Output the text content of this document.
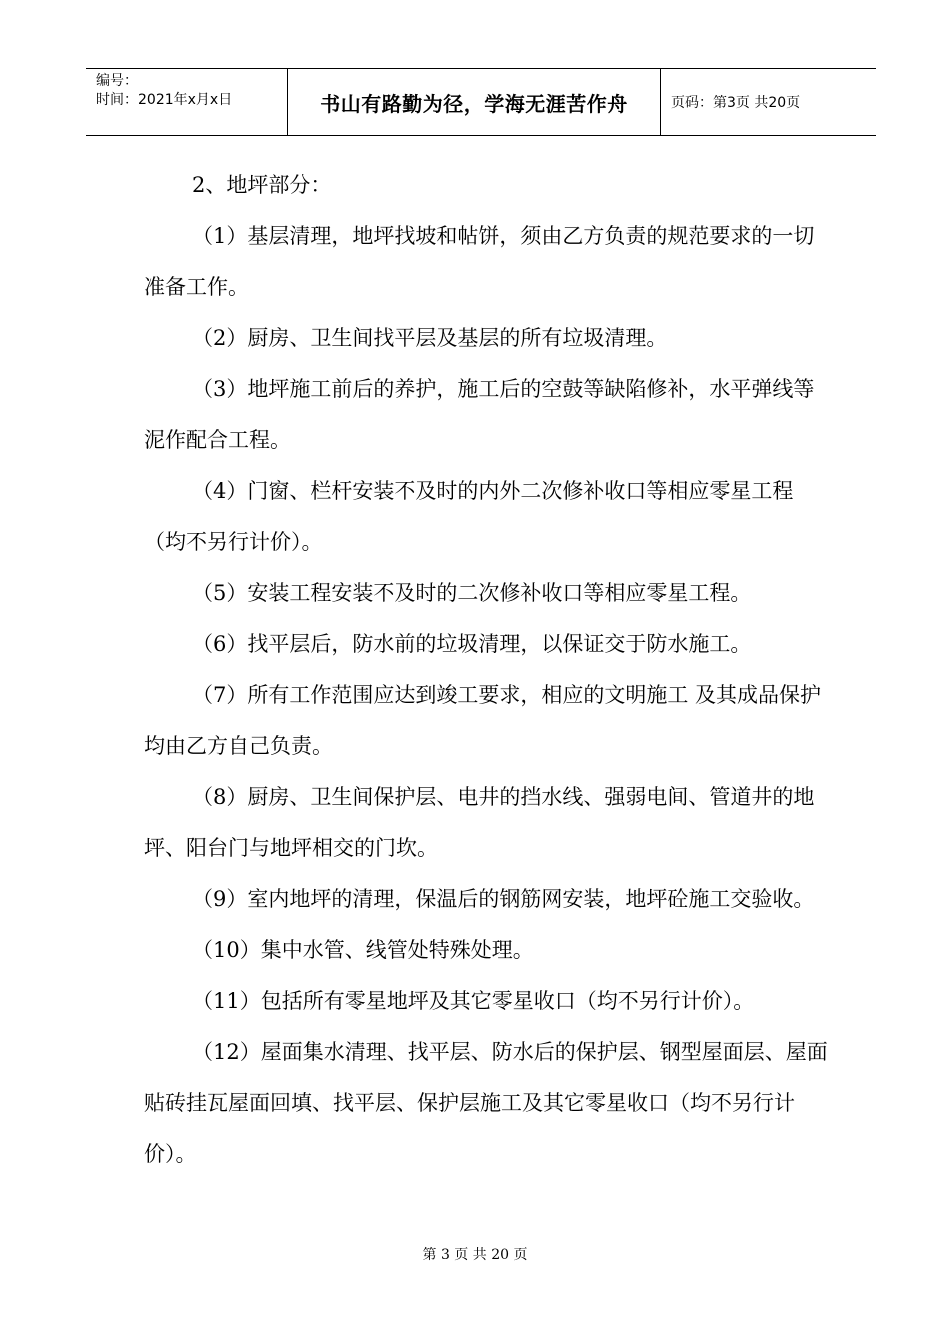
编号：
时间：2021年x月x日	书山有路勤为径，学海无涯苦作舟	页码：第3页 共20页

2、地坪部分：

（1）基层清理，地坪找坡和帖饼，须由乙方负责的规范要求的一切准备工作。

（2）厨房、卫生间找平层及基层的所有垃圾清理。

（3）地坪施工前后的养护，施工后的空鼓等缺陷修补，水平弹线等泥作配合工程。

（4）门窗、栏杆安装不及时的内外二次修补收口等相应零星工程（均不另行计价）。

（5）安装工程安装不及时的二次修补收口等相应零星工程。

（6）找平层后，防水前的垃圾清理，以保证交于防水施工。

（7）所有工作范围应达到竣工要求，相应的文明施工 及其成品保护均由乙方自己负责。

（8）厨房、卫生间保护层、电井的挡水线、强弱电间、管道井的地坪、阳台门与地坪相交的门坎。

（9）室内地坪的清理，保温后的钢筋网安装，地坪砼施工交验收。

（10）集中水管、线管处特殊处理。

（11）包括所有零星地坪及其它零星收口（均不另行计价）。

（12）屋面集水清理、找平层、防水后的保护层、钢型屋面层、屋面贴砖挂瓦屋面回填、找平层、保护层施工及其它零星收口（均不另行计价）。

第 3 页 共 20 页
